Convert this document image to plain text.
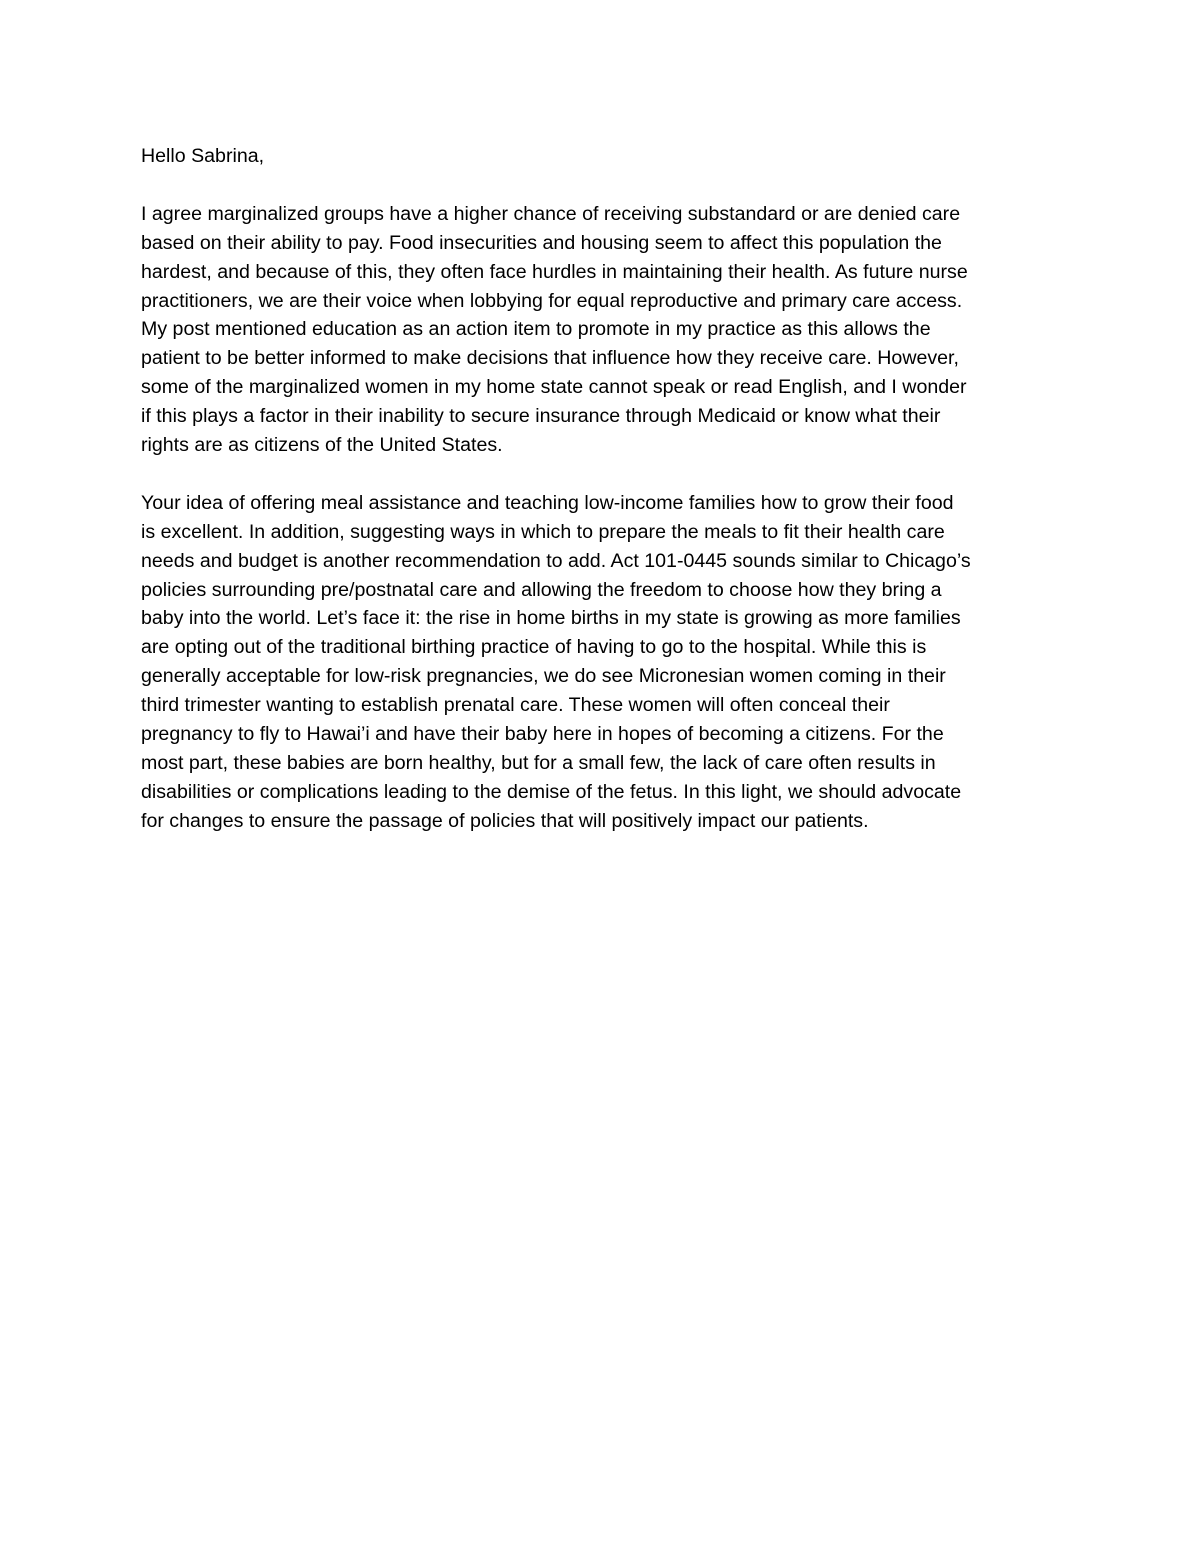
Hello Sabrina,
I agree marginalized groups have a higher chance of receiving substandard or are denied care
based on their ability to pay. Food insecurities and housing seem to affect this population the
hardest, and because of this, they often face hurdles in maintaining their health. As future nurse
practitioners, we are their voice when lobbying for equal reproductive and primary care access.
My post mentioned education as an action item to promote in my practice as this allows the
patient to be better informed to make decisions that influence how they receive care. However,
some of the marginalized women in my home state cannot speak or read English, and I wonder
if this plays a factor in their inability to secure insurance through Medicaid or know what their
rights are as citizens of the United States.
Your idea of offering meal assistance and teaching low-income families how to grow their food
is excellent. In addition, suggesting ways in which to prepare the meals to fit their health care
needs and budget is another recommendation to add. Act 101-0445 sounds similar to Chicago’s
policies surrounding pre/postnatal care and allowing the freedom to choose how they bring a
baby into the world. Let’s face it: the rise in home births in my state is growing as more families
are opting out of the traditional birthing practice of having to go to the hospital. While this is
generally acceptable for low-risk pregnancies, we do see Micronesian women coming in their
third trimester wanting to establish prenatal care. These women will often conceal their
pregnancy to fly to Hawai’i and have their baby here in hopes of becoming a citizens. For the
most part, these babies are born healthy, but for a small few, the lack of care often results in
disabilities or complications leading to the demise of the fetus. In this light, we should advocate
for changes to ensure the passage of policies that will positively impact our patients.
